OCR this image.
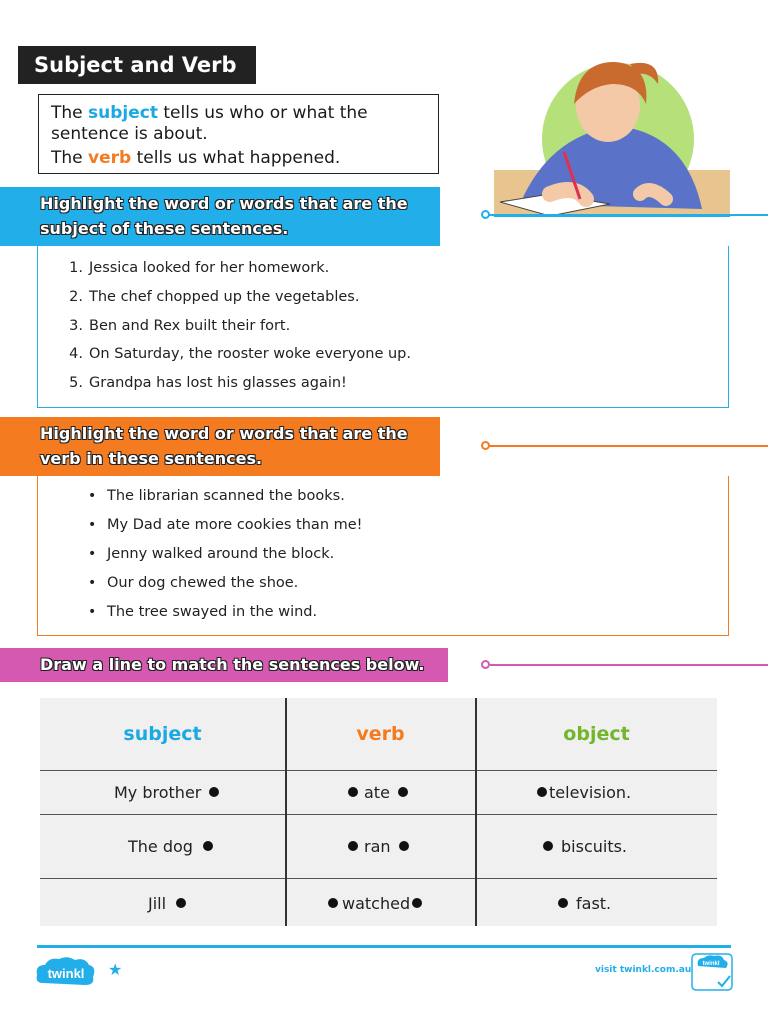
Subject and Verb
The subject tells us who or what the
sentence is about.
The verb tells us what happened.
Highlight the word or words that are the
subject of these sentences.
1. Jessica looked for her homework.
2. The chef chopped up the vegetables.
3. Ben and Rex built their fort.
4. On Saturday, the rooster woke everyone up.
5. Grandpa has lost his glasses again!
Highlight the word or words that are the
verb in these sentences.
• The librarian scanned the books.
• My Dad ate more cookies than me!
• Jenny walked around the block.
• Our dog chewed the shoe.
• The tree swayed in the wind.
Draw a line to match the sentences below.
subject	verb	object
My brother	ate	television.
The dog	ran	biscuits.
Jill	watched	fast.
twinkl ★	visit twinkl.com.au
twinkl
